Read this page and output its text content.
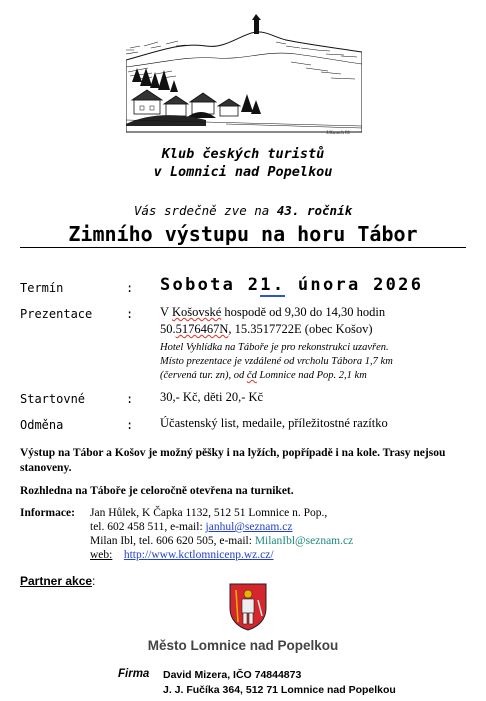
J.Kmoch 81
Klub českých turistů
v Lomnici nad Popelkou
Vás srdečně zve na 43. ročník
Zimního výstupu na horu Tábor
Termín	: Sobota 21. února 2026
Prezentace	: V Košovské hospodě od 9,30 do 14,30 hodin
50.5176467N, 15.3517722E (obec Košov)
Hotel Vyhlídka na Táboře je pro rekonstrukci uzavřen.
Místo prezentace je vzdálené od vrcholu Tábora 1,7 km
(červená tur. zn), od čd Lomnice nad Pop. 2,1 km
Startovné	: 30,- Kč, děti 20,- Kč
Odměna	: Účastenský list, medaile, příležitostné razítko
Výstup na Tábor a Košov je možný pěšky i na lyžích, popřípadě i na kole. Trasy nejsou stanoveny.
Rozhledna na Táboře je celoročně otevřena na turniket.
Informace: Jan Hůlek, K Čapka 1132, 512 51 Lomnice n. Pop.,
tel. 602 458 511, e-mail: janhul@seznam.cz
Milan Ibl, tel. 606 620 505, e-mail: MilanIbl@seznam.cz
web: http://www.kctlomnicenp.wz.cz/
Partner akce:
Město Lomnice nad Popelkou
Firma David Mizera, IČO 74844873
J. J. Fučíka 364, 512 71 Lomnice nad Popelkou
